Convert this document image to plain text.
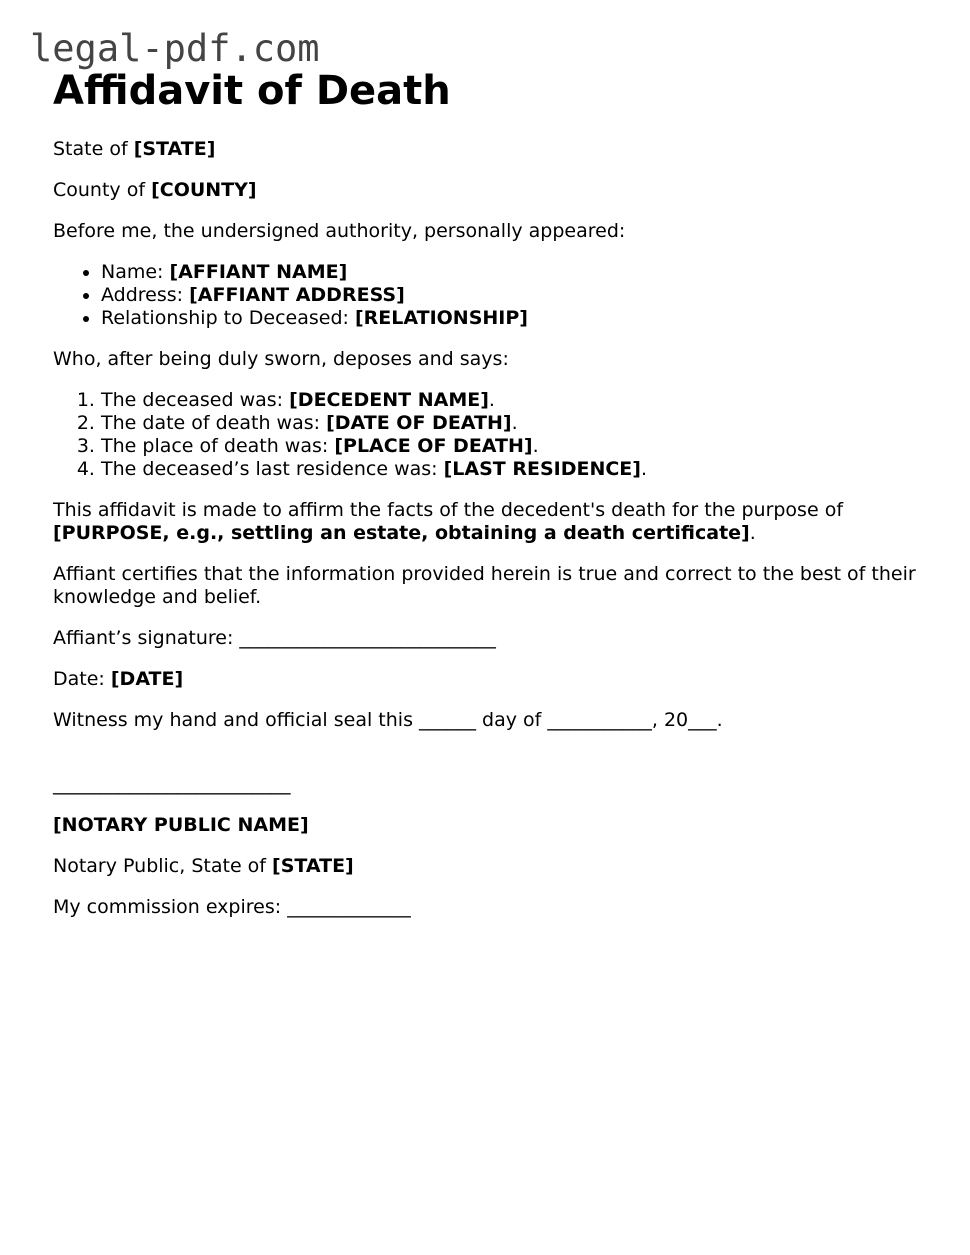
legal-pdf.com
Affidavit of Death
State of [STATE]
County of [COUNTY]
Before me, the undersigned authority, personally appeared:
• Name: [AFFIANT NAME]
• Address: [AFFIANT ADDRESS]
• Relationship to Deceased: [RELATIONSHIP]
Who, after being duly sworn, deposes and says:
1. The deceased was: [DECEDENT NAME].
2. The date of death was: [DATE OF DEATH].
3. The place of death was: [PLACE OF DEATH].
4. The deceased’s last residence was: [LAST RESIDENCE].
This affidavit is made to affirm the facts of the decedent's death for the purpose of [PURPOSE, e.g., settling an estate, obtaining a death certificate].
Affiant certifies that the information provided herein is true and correct to the best of their knowledge and belief.
Affiant’s signature: ___________________________
Date: [DATE]
Witness my hand and official seal this ______ day of ___________, 20___.
_________________________
[NOTARY PUBLIC NAME]
Notary Public, State of [STATE]
My commission expires: _____________
